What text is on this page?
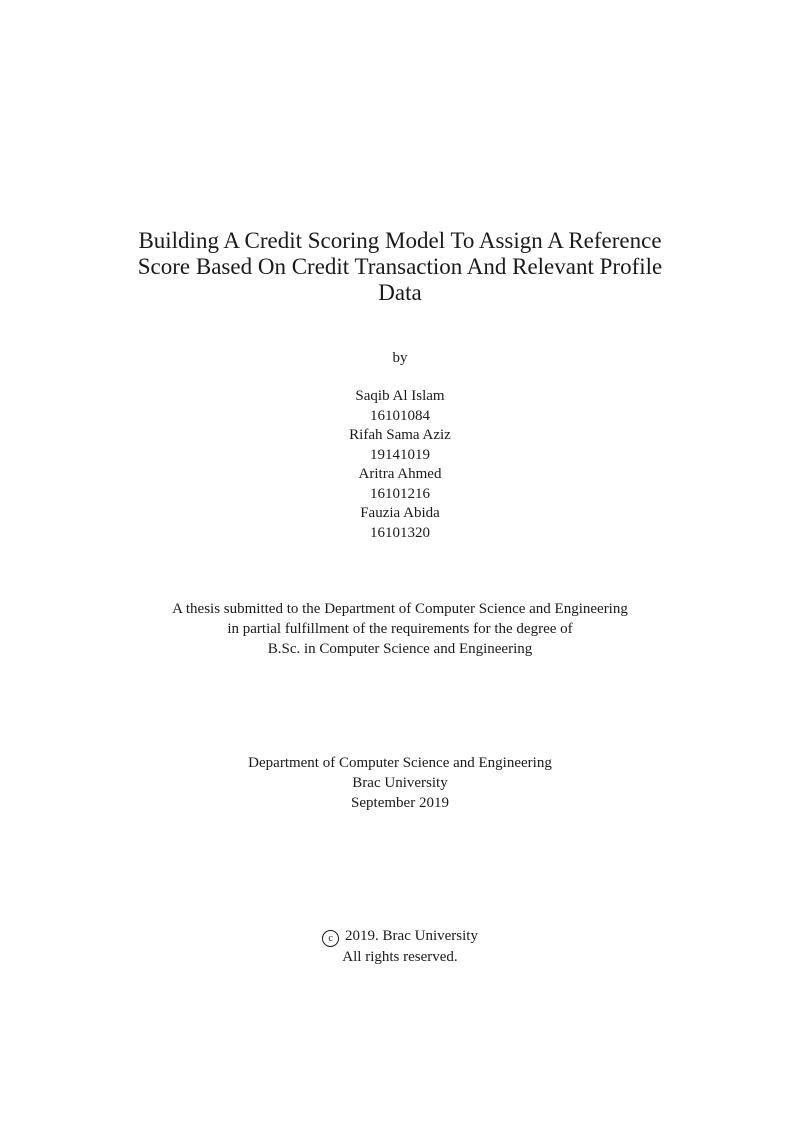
Building A Credit Scoring Model To Assign A Reference
Score Based On Credit Transaction And Relevant Profile
Data
by
Saqib Al Islam
16101084
Rifah Sama Aziz
19141019
Aritra Ahmed
16101216
Fauzia Abida
16101320
A thesis submitted to the Department of Computer Science and Engineering
in partial fulfillment of the requirements for the degree of
B.Sc. in Computer Science and Engineering
Department of Computer Science and Engineering
Brac University
September 2019
c 2019. Brac University
All rights reserved.
